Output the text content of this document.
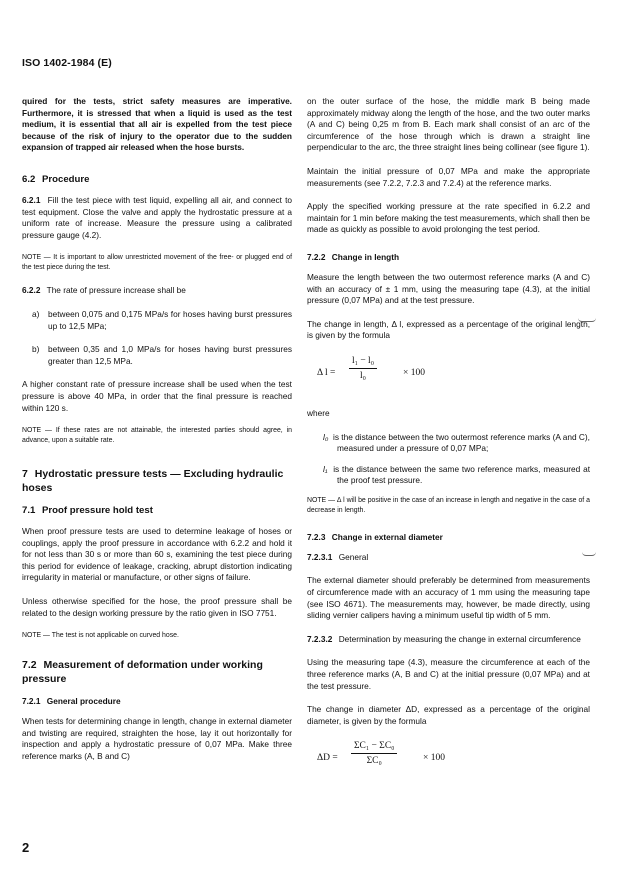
ISO 1402-1984 (E)

quired for the tests, strict safety measures are imperative. Furthermore, it is stressed that when a liquid is used as the test medium, it is essential that all air is expelled from the test piece because of the risk of injury to the operator due to the sudden expansion of trapped air released when the hose bursts.

6.2 Procedure

6.2.1 Fill the test piece with test liquid, expelling all air, and connect to test equipment. Close the valve and apply the hydrostatic pressure at a uniform rate of increase. Measure the pressure using a calibrated pressure gauge (4.2).

NOTE — It is important to allow unrestricted movement of the free- or plugged end of the test piece during the test.

6.2.2 The rate of pressure increase shall be

a) between 0,075 and 0,175 MPa/s for hoses having burst pressures up to 12,5 MPa;

b) between 0,35 and 1,0 MPa/s for hoses having burst pressures greater than 12,5 MPa.

A higher constant rate of pressure increase shall be used when the test pressure is above 40 MPa, in order that the final pressure is reached within 120 s.

NOTE — If these rates are not attainable, the interested parties should agree, in advance, upon a suitable rate.

7 Hydrostatic pressure tests — Excluding hydraulic hoses
7.1 Proof pressure hold test

When proof pressure tests are used to determine leakage of hoses or couplings, apply the proof pressure in accordance with 6.2.2 and hold it for not less than 30 s or more than 60 s, examining the test piece during this period for evidence of leakage, cracking, abrupt distortion indicating irregularity in material or manufacture, or other signs of failure.

Unless otherwise specified for the hose, the proof pressure shall be related to the design working pressure by the ratio given in ISO 7751.

NOTE — The test is not applicable on curved hose.

7.2 Measurement of deformation under working pressure
7.2.1 General procedure

When tests for determining change in length, change in external diameter and twisting are required, straighten the hose, lay it out horizontally for inspection and apply a hydrostatic pressure of 0,07 MPa. Make three reference marks (A, B and C)

on the outer surface of the hose, the middle mark B being made approximately midway along the length of the hose, and the two outer marks (A and C) being 0,25 m from B. Each mark shall consist of an arc of the circumference of the hose through which is drawn a straight line perpendicular to the arc, the three straight lines being collinear (see figure 1).

Maintain the initial pressure of 0,07 MPa and make the appropriate measurements (see 7.2.2, 7.2.3 and 7.2.4) at the reference marks.

Apply the specified working pressure at the rate specified in 6.2.2 and maintain for 1 min before making the test measurements, which shall then be made as quickly as possible to avoid prolonging the test period.

7.2.2 Change in length

Measure the length between the two outermost reference marks (A and C) with an accuracy of ± 1 mm, using the measuring tape (4.3), at the initial pressure (0,07 MPa) and at the test pressure.

The change in length, Δ l, expressed as a percentage of the original length, is given by the formula

Δ $l = \frac{\text{l₁ − l₀}}{\text{l₀}}$	× 100

where

l₀ is the distance between the two outermost reference marks (A and C), measured under a pressure of 0,07 MPa;

l₁ is the distance between the same two reference marks, measured at the proof test pressure.

NOTE — Δ l will be positive in the case of an increase in length and negative in the case of a decrease in length.

7.2.3 Change in external diameter

7.2.3.1 General

The external diameter should preferably be determined from measurements of circumference made with an accuracy of 1 mm using the measuring tape (see ISO 4671). The measurements may, however, be made directly, using sliding vernier calipers having a minimum useful tip width of 5 mm.

7.2.3.2 Determination by measuring the change in external circumference

Using the measuring tape (4.3), measure the circumference at each of the three reference marks (A, B and C) at the initial pressure (0,07 MPa) and at the test pressure.

The change in diameter ΔD, expressed as a percentage of the original diameter, is given by the formula

$\Delta D = \frac{\text{ΣC₁ − ΣC₀}}{\text{ΣC₀}}$	× 100
2
